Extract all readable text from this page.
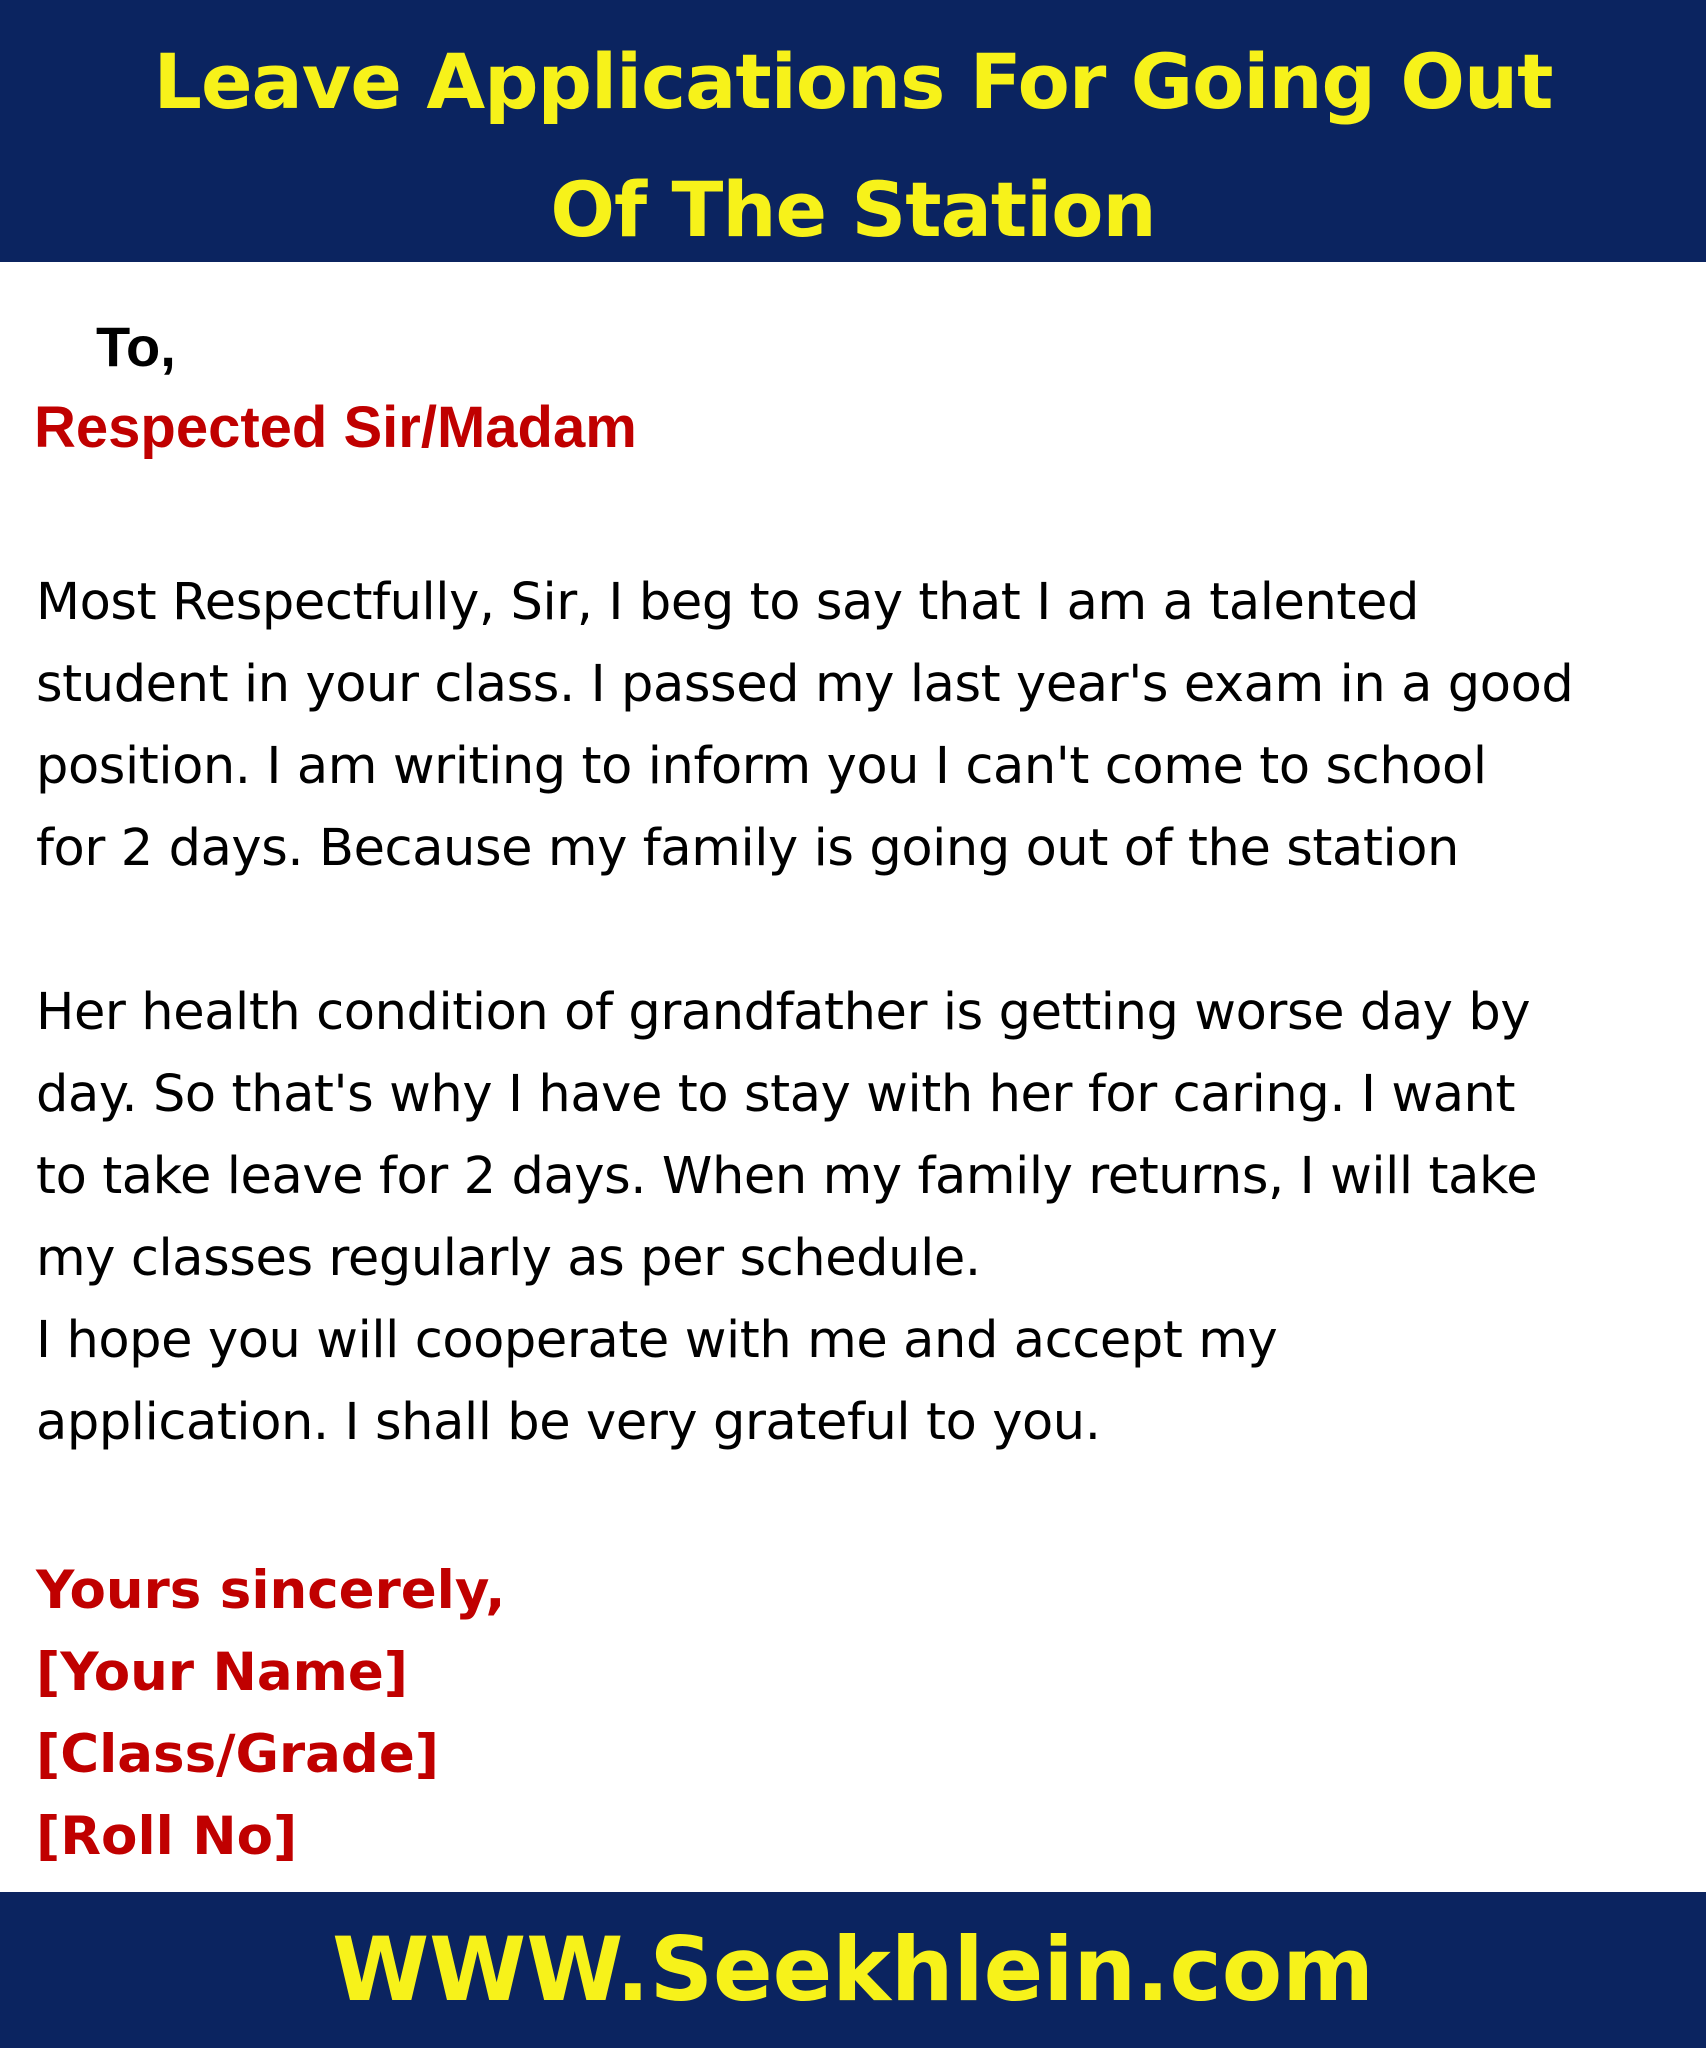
Leave Applications For Going Out
Of The Station

To,

Respected Sir/Madam

Most Respectfully, Sir, I beg to say that I am a talented
student in your class. I passed my last year's exam in a good
position. I am writing to inform you I can't come to school
for 2 days. Because my family is going out of the station

Her health condition of grandfather is getting worse day by
day. So that's why I have to stay with her for caring. I want
to take leave for 2 days. When my family returns, I will take
my classes regularly as per schedule.
I hope you will cooperate with me and accept my
application. I shall be very grateful to you.

Yours sincerely,
[Your Name]
[Class/Grade]
[Roll No]
WWW.Seekhlein.com
